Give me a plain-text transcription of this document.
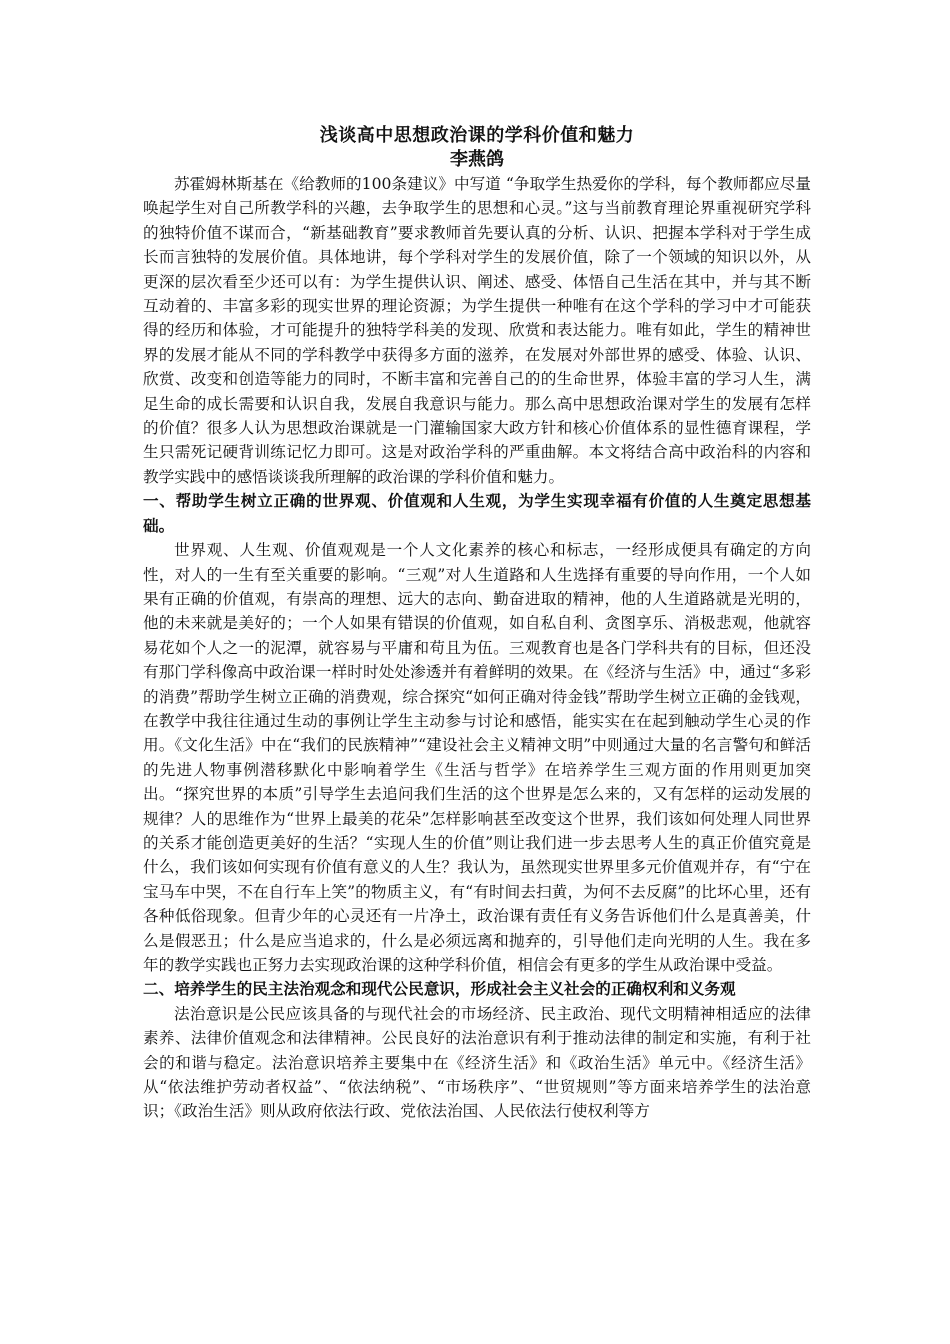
浅谈高中思想政治课的学科价值和魅力

李燕鸽

苏霍姆林斯基在《给教师的100条建议》中写道 “争取学生热爱你的学科，每个教师都应尽量唤起学生对自己所教学科的兴趣，去争取学生的思想和心灵。”这与当前教育理论界重视研究学科的独特价值不谋而合，“新基础教育”要求教师首先要认真的分析、认识、把握本学科对于学生成长而言独特的发展价值。具体地讲，每个学科对学生的发展价值，除了一个领域的知识以外，从更深的层次看至少还可以有：为学生提供认识、阐述、感受、体悟自己生活在其中，并与其不断互动着的、丰富多彩的现实世界的理论资源；为学生提供一种唯有在这个学科的学习中才可能获得的经历和体验，才可能提升的独特学科美的发现、欣赏和表达能力。唯有如此，学生的精神世界的发展才能从不同的学科教学中获得多方面的滋养，在发展对外部世界的感受、体验、认识、欣赏、改变和创造等能力的同时，不断丰富和完善自己的的生命世界，体验丰富的学习人生，满足生命的成长需要和认识自我，发展自我意识与能力。那么高中思想政治课对学生的发展有怎样的价值？很多人认为思想政治课就是一门灌输国家大政方针和核心价值体系的显性德育课程，学生只需死记硬背训练记忆力即可。这是对政治学科的严重曲解。本文将结合高中政治科的内容和教学实践中的感悟谈谈我所理解的政治课的学科价值和魅力。

一、帮助学生树立正确的世界观、价值观和人生观，为学生实现幸福有价值的人生奠定思想基础。

世界观、人生观、价值观观是一个人文化素养的核心和标志，一经形成便具有确定的方向性，对人的一生有至关重要的影响。“三观”对人生道路和人生选择有重要的导向作用，一个人如果有正确的价值观，有崇高的理想、远大的志向、勤奋进取的精神，他的人生道路就是光明的，他的未来就是美好的；一个人如果有错误的价值观，如自私自利、贪图享乐、消极悲观，他就容易花如个人之一的泥潭，就容易与平庸和苟且为伍。三观教育也是各门学科共有的目标，但还没有那门学科像高中政治课一样时时处处渗透并有着鲜明的效果。在《经济与生活》中，通过“多彩的消费”帮助学生树立正确的消费观，综合探究“如何正确对待金钱”帮助学生树立正确的金钱观，在教学中我往往通过生动的事例让学生主动参与讨论和感悟，能实实在在起到触动学生心灵的作用。《文化生活》中在“我们的民族精神”“建设社会主义精神文明”中则通过大量的名言警句和鲜活的先进人物事例潜移默化中影响着学生《生活与哲学》在培养学生三观方面的作用则更加突出。“探究世界的本质”引导学生去追问我们生活的这个世界是怎么来的，又有怎样的运动发展的规律？人的思维作为“世界上最美的花朵”怎样影响甚至改变这个世界，我们该如何处理人同世界的关系才能创造更美好的生活？“实现人生的价值”则让我们进一步去思考人生的真正价值究竟是什么，我们该如何实现有价值有意义的人生？我认为，虽然现实世界里多元价值观并存，有“宁在宝马车中哭，不在自行车上笑”的物质主义，有“有时间去扫黄，为何不去反腐”的比坏心里，还有各种低俗现象。但青少年的心灵还有一片净土，政治课有责任有义务告诉他们什么是真善美，什么是假恶丑；什么是应当追求的，什么是必须远离和抛弃的，引导他们走向光明的人生。我在多年的教学实践也正努力去实现政治课的这种学科价值，相信会有更多的学生从政治课中受益。

二、培养学生的民主法治观念和现代公民意识，形成社会主义社会的正确权利和义务观

法治意识是公民应该具备的与现代社会的市场经济、民主政治、现代文明精神相适应的法律素养、法律价值观念和法律精神。公民良好的法治意识有利于推动法律的制定和实施，有利于社会的和谐与稳定。法治意识培养主要集中在《经济生活》和《政治生活》单元中。《经济生活》从“依法维护劳动者权益”、“依法纳税”、“市场秩序”、“世贸规则”等方面来培养学生的法治意识；《政治生活》则从政府依法行政、党依法治国、人民依法行使权利等方
